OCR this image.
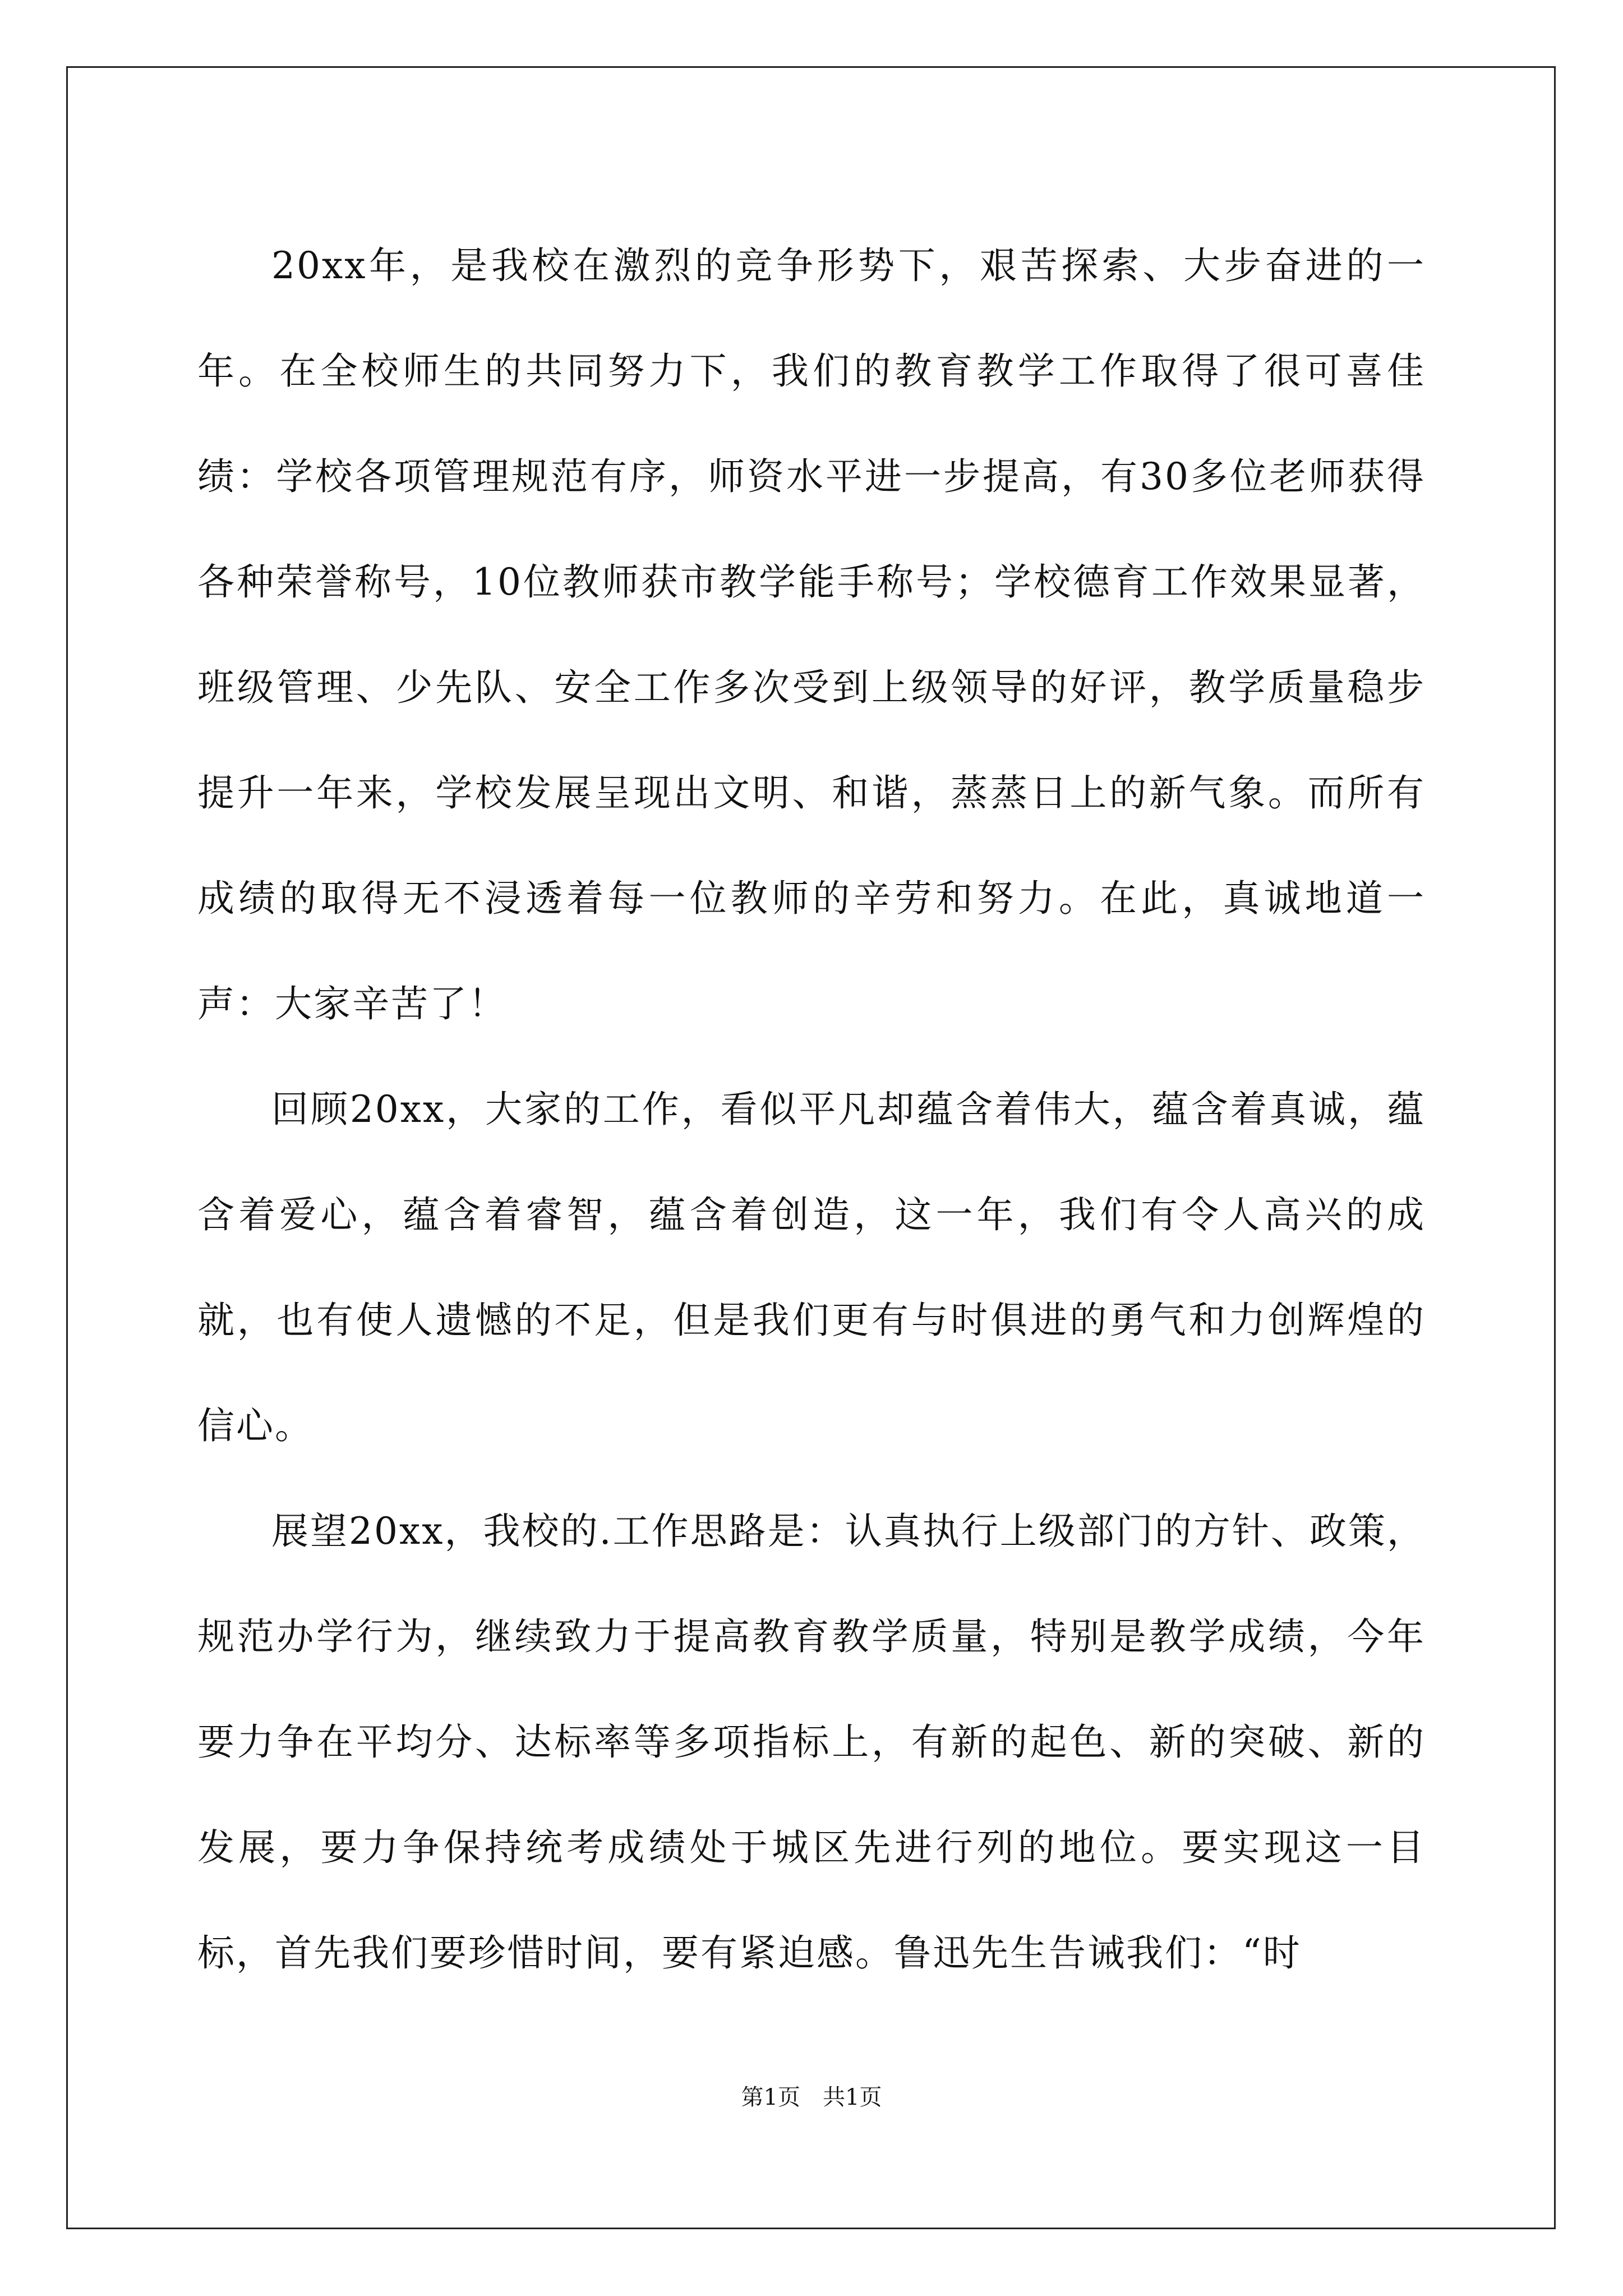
20xx年，是我校在激烈的竞争形势下，艰苦探索、大步奋进的一年。在全校师生的共同努力下，我们的教育教学工作取得了很可喜佳绩：学校各项管理规范有序，师资水平进一步提高，有30多位老师获得各种荣誉称号，10位教师获市教学能手称号；学校德育工作效果显著，班级管理、少先队、安全工作多次受到上级领导的好评，教学质量稳步提升一年来，学校发展呈现出文明、和谐，蒸蒸日上的新气象。而所有成绩的取得无不浸透着每一位教师的辛劳和努力。在此，真诚地道一声：大家辛苦了！

回顾20xx，大家的工作，看似平凡却蕴含着伟大，蕴含着真诚，蕴含着爱心，蕴含着睿智，蕴含着创造，这一年，我们有令人高兴的成就，也有使人遗憾的不足，但是我们更有与时俱进的勇气和力创辉煌的信心。

展望20xx，我校的.工作思路是：认真执行上级部门的方针、政策，规范办学行为，继续致力于提高教育教学质量，特别是教学成绩，今年要力争在平均分、达标率等多项指标上，有新的起色、新的突破、新的发展，要力争保持统考成绩处于城区先进行列的地位。要实现这一目标，首先我们要珍惜时间，要有紧迫感。鲁迅先生告诫我们：“时

第1页 共1页
